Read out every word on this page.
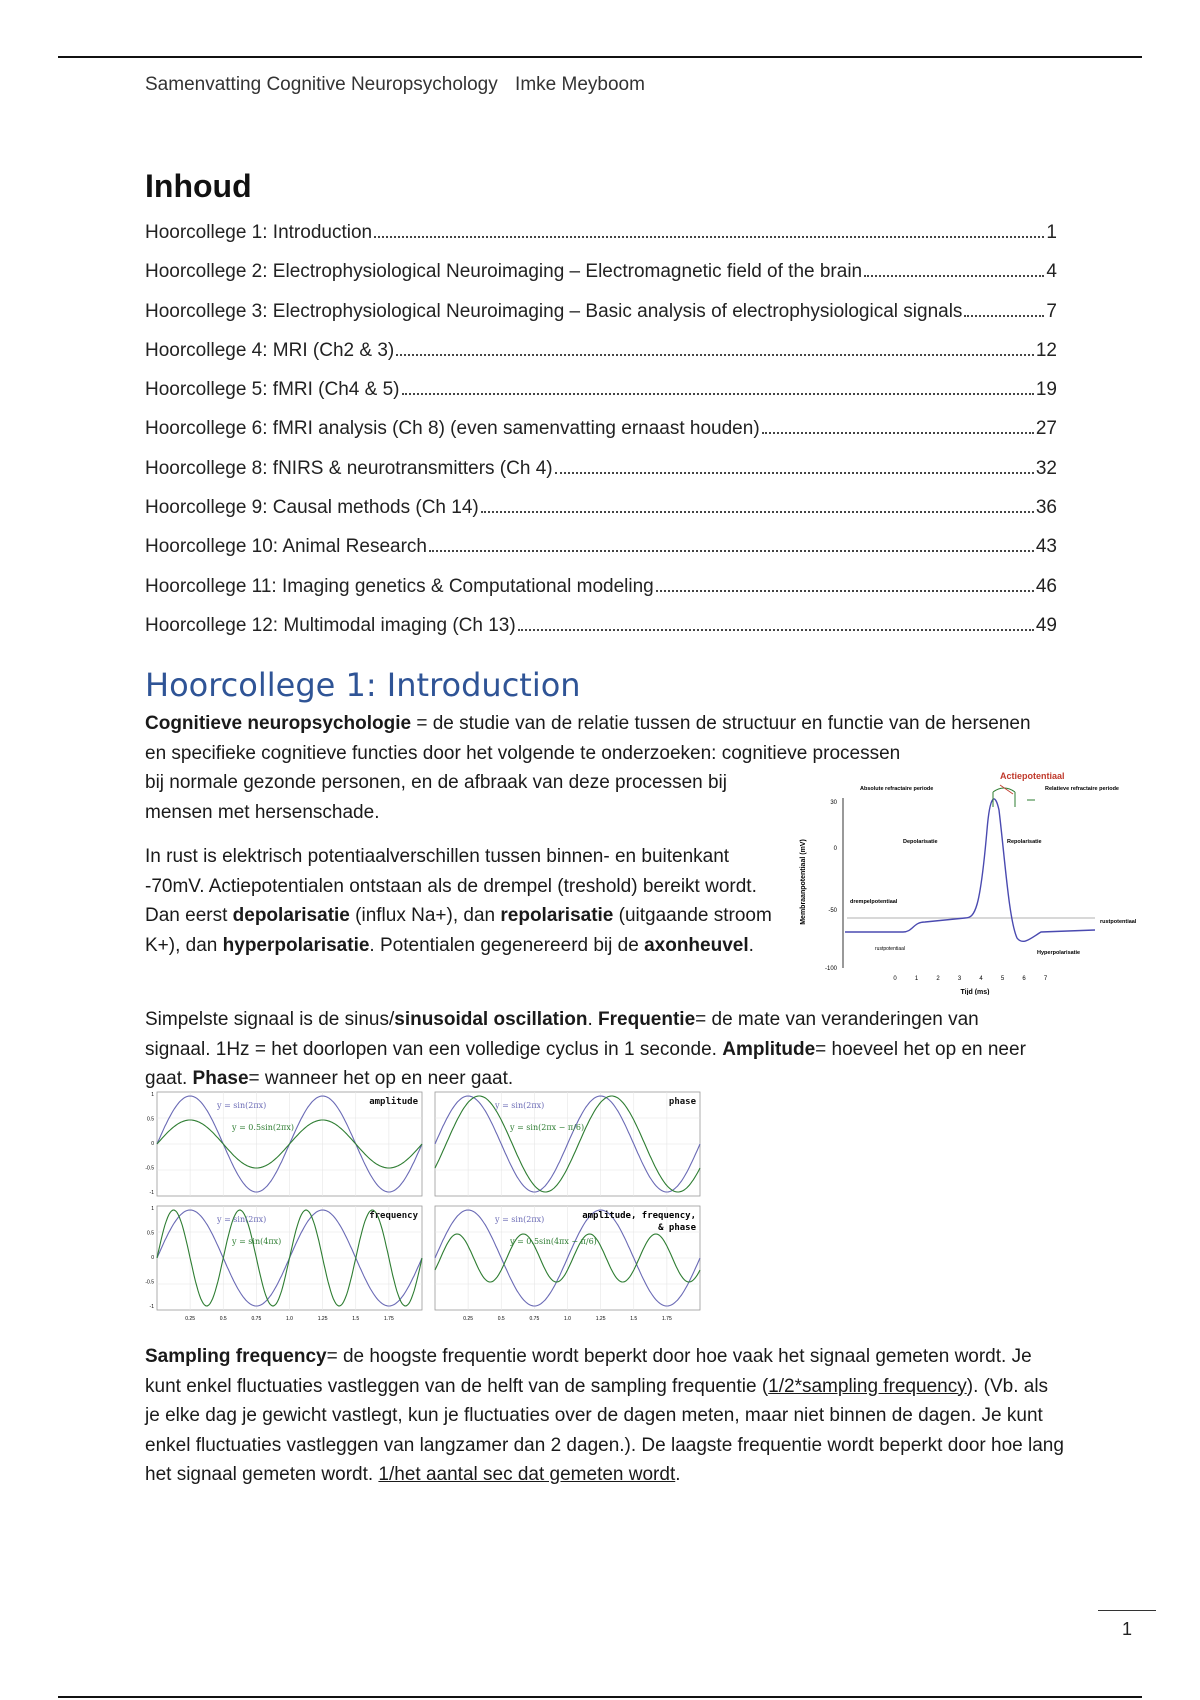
Samenvatting Cognitive Neuropsychology Imke Meyboom
Inhoud
Hoorcollege 1: Introduction	1
Hoorcollege 2: Electrophysiological Neuroimaging – Electromagnetic field of the brain	4
Hoorcollege 3: Electrophysiological Neuroimaging – Basic analysis of electrophysiological signals	7
Hoorcollege 4: MRI (Ch2 & 3)	12
Hoorcollege 5: fMRI (Ch4 & 5)	19
Hoorcollege 6: fMRI analysis (Ch 8) (even samenvatting ernaast houden)	27
Hoorcollege 8: fNIRS & neurotransmitters (Ch 4)	32
Hoorcollege 9: Causal methods (Ch 14)	36
Hoorcollege 10: Animal Research	43
Hoorcollege 11: Imaging genetics & Computational modeling	46
Hoorcollege 12: Multimodal imaging (Ch 13)	49
Hoorcollege 1: Introduction

Cognitieve neuropsychologie = de studie van de relatie tussen de structuur en functie van de hersenen en specifieke cognitieve functies door het volgende te onderzoeken: cognitieve processen
bij normale gezonde personen, en de afbraak van deze processen bij mensen met hersenschade.

In rust is elektrisch potentiaalverschillen tussen binnen- en buitenkant -70mV. Actiepotentialen ontstaan als de drempel (treshold) bereikt wordt. Dan eerst depolarisatie (influx Na+), dan repolarisatie (uitgaande stroom K+), dan hyperpolarisatie. Potentialen gegenereerd bij de axonheuvel.

Actiepotentiaal
Membraanpotentiaal (mV)
30
0
-50
-100
0	1	2	3	4	5	6	7
Tijd (ms)
Absolute refractaire periode	Relatieve refractaire periode
Depolarisatie	Repolarisatie
drempelpotentiaal
rustpotentiaal
rustpotentiaal
Hyperpolarisatie

Simpelste signaal is de sinus/sinusoidal oscillation. Frequentie= de mate van veranderingen van signaal. 1Hz = het doorlopen van een volledige cyclus in 1 seconde. Amplitude= hoeveel het op en neer gaat. Phase= wanneer het op en neer gaat.

y = sin(2πx)
y = 0.5sin(2πx)
amplitude
1
0.5
0
-0.5
-1
y = sin(2πx)
y = sin(2πx − π/6)
phase
y = sin(2πx)
y = sin(4πx)
frequency
1
0.5
0
-0.5
-1
0.25	0.5	0.75	1.0	1.25	1.5	1.75
y = sin(2πx)
y = 0.5sin(4πx − π/6)
amplitude, frequency, & phase
0.25	0.5	0.75	1.0	1.25	1.5	1.75

Sampling frequency= de hoogste frequentie wordt beperkt door hoe vaak het signaal gemeten wordt. Je kunt enkel fluctuaties vastleggen van de helft van de sampling frequentie (1/2*sampling frequency). (Vb. als je elke dag je gewicht vastlegt, kun je fluctuaties over de dagen meten, maar niet binnen de dagen. Je kunt enkel fluctuaties vastleggen van langzamer dan 2 dagen.). De laagste frequentie wordt beperkt door hoe lang het signaal gemeten wordt. 1/het aantal sec dat gemeten wordt.

1
